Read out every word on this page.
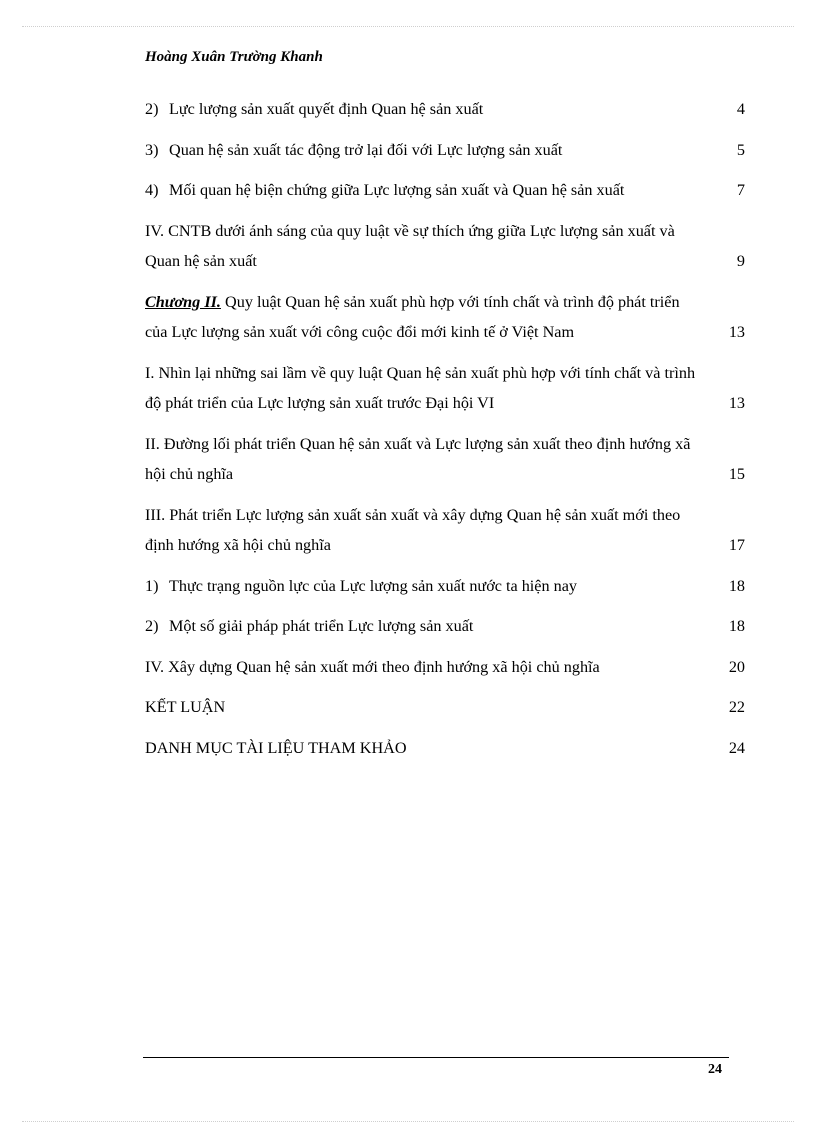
Hoàng Xuân Trường Khanh
2) Lực lượng sản xuất quyết định Quan hệ sản xuất	4
3) Quan hệ sản xuất tác động trở lại đối với Lực lượng sản xuất	5
4) Mối quan hệ biện chứng giữa Lực lượng sản xuất và Quan hệ sản xuất	7
IV. CNTB dưới ánh sáng của quy luật về sự thích ứng giữa Lực lượng sản xuất và Quan hệ sản xuất	9
Chương II. Quy luật Quan hệ sản xuất phù hợp với tính chất và trình độ phát triển của Lực lượng sản xuất với công cuộc đổi mới kinh tế ở Việt Nam	13
I. Nhìn lại những sai lầm về quy luật Quan hệ sản xuất phù hợp với tính chất và trình độ phát triển của Lực lượng sản xuất trước Đại hội VI	13
II. Đường lối phát triển Quan hệ sản xuất và Lực lượng sản xuất theo định hướng xã hội chủ nghĩa	15
III. Phát triển Lực lượng sản xuất sản xuất và xây dựng Quan hệ sản xuất mới theo định hướng xã hội chủ nghĩa	17
1) Thực trạng nguồn lực của Lực lượng sản xuất nước ta hiện nay	18
2) Một số giải pháp phát triển Lực lượng sản xuất	18
IV. Xây dựng Quan hệ sản xuất mới theo định hướng xã hội chủ nghĩa	20
KẾT LUẬN	22
DANH MỤC TÀI LIỆU THAM KHẢO	24
24
